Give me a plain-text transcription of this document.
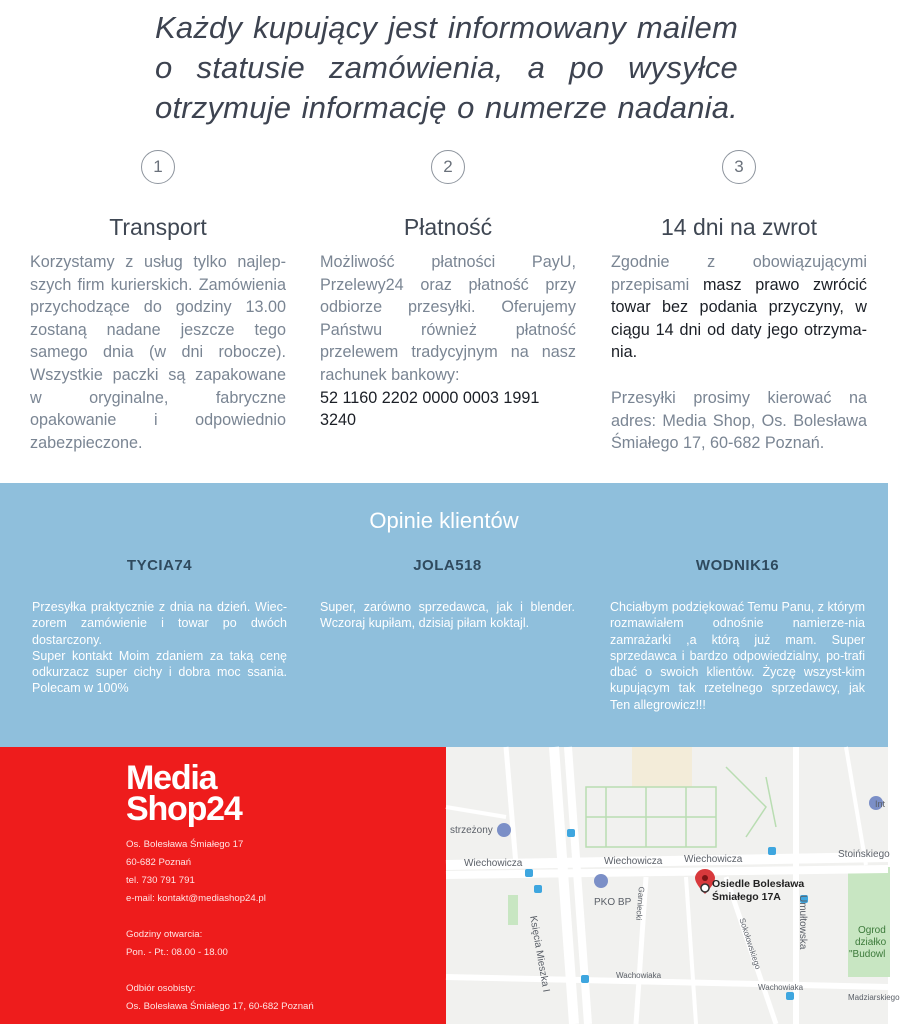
Każdy kupujący jest informowany mailem o statusie zamówienia, a po wysyłce otrzymuje informację o numerze nadania.
1
Transport
Korzystamy z usług tylko najlep-szych firm kurierskich. Zamówienia przychodzące do godziny 13.00 zostaną nadane jeszcze tego samego dnia (w dni robocze). Wszystkie paczki są zapakowane w oryginalne, fabryczne opakowanie i odpowiednio zabezpieczone.
2
Płatność
Możliwość płatności PayU, Przelewy24 oraz płatność przy odbiorze przesyłki. Oferujemy Państwu również płatność przelewem tradycyjnym na nasz rachunek bankowy:
52 1160 2202 0000 0003 1991 3240
3
14 dni na zwrot
Zgodnie z obowiązującymi przepisami masz prawo zwrócić towar bez podania przyczyny, w ciągu 14 dni od daty jego otrzyma-nia.
Przesyłki prosimy kierować na adres: Media Shop, Os. Bolesława Śmiałego 17, 60-682 Poznań.
Opinie klientów
TYCIA74
Przesyłka praktycznie z dnia na dzień. Wiec-zorem zamówienie i towar po dwóch dostarczony.
Super kontakt Moim zdaniem za taką cenę odkurzacz super cichy i dobra moc ssania. Polecam w 100%
JOLA518
Super, zarówno sprzedawca, jak i blender. Wczoraj kupiłam, dzisiaj piłam koktajl.
WODNIK16
Chciałbym podziękować Temu Panu, z którym rozmawiałem odnośnie namierze-nia zamrażarki ,a którą już mam. Super sprzedawca i bardzo odpowiedzialny, po-trafi dbać o swoich klientów. Życzę wszyst-kim kupującym tak rzetelnego sprzedawcy, jak Ten allegrowicz!!!
Media
Shop24
Os. Bolesława Śmiałego 17
60-682 Poznań
tel. 730 791 791
e-mail: kontakt@mediashop24.pl
Godziny otwarcia:
Pon. - Pt.: 08.00 - 18.00
Odbiór osobisty:
Os. Bolesława Śmiałego 17, 60-682 Poznań
strzeżony
Wiechowicza	Wiechowicza Wiechowicza	Stoińskiego
Księcia Mieszka I
Garniecki
Sokołowskiego	Umułtowska
Wachowiaka
Wachowiaka
Madziarskiego
PKO BP
Int
Ogrod
działko
"Budowl
Osiedle Bolesława
Śmiałego 17A
